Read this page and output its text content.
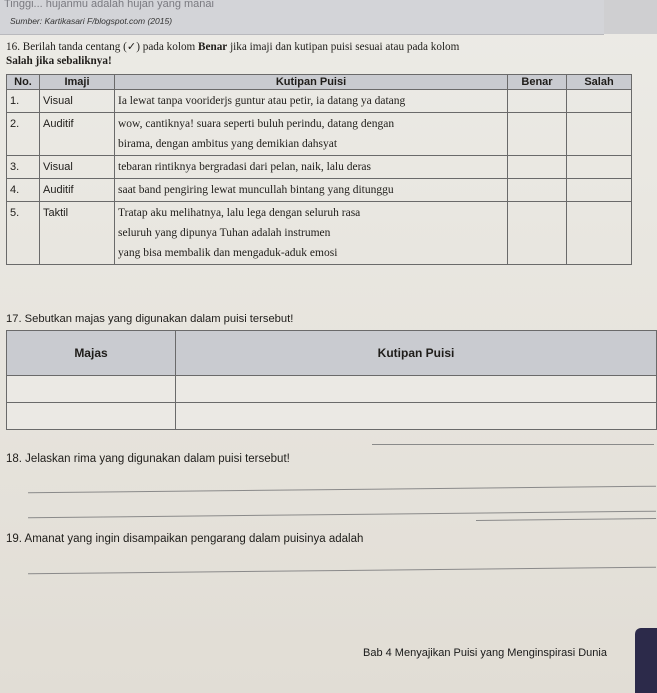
Tinggi... hujanmu adalah hujan yang manai
Sumber: Kartikasari F/blogspot.com (2015)
16. Berilah tanda centang (✓) pada kolom Benar jika imaji dan kutipan puisi sesuai atau pada kolom
Salah jika sebaliknya!
No.	Imaji	Kutipan Puisi	Benar	Salah
1.	Visual	Ia lewat tanpa vooriderjs guntur atau petir, ia datang ya datang		
2.	Auditif	wow, cantiknya! suara seperti buluh perindu, datang dengan
birama, dengan ambitus yang demikian dahsyat		
3.	Visual	tebaran rintiknya bergradasi dari pelan, naik, lalu deras		
4.	Auditif	saat band pengiring lewat muncullah bintang yang ditunggu		
5.	Taktil	Tratap aku melihatnya, lalu lega dengan seluruh rasa
seluruh yang dipunya Tuhan adalah instrumen
yang bisa membalik dan mengaduk-aduk emosi		
17. Sebutkan majas yang digunakan dalam puisi tersebut!
Majas	Kutipan Puisi

18. Jelaskan rima yang digunakan dalam puisi tersebut!
19. Amanat yang ingin disampaikan pengarang dalam puisinya adalah
Bab 4 Menyajikan Puisi yang Menginspirasi Dunia
